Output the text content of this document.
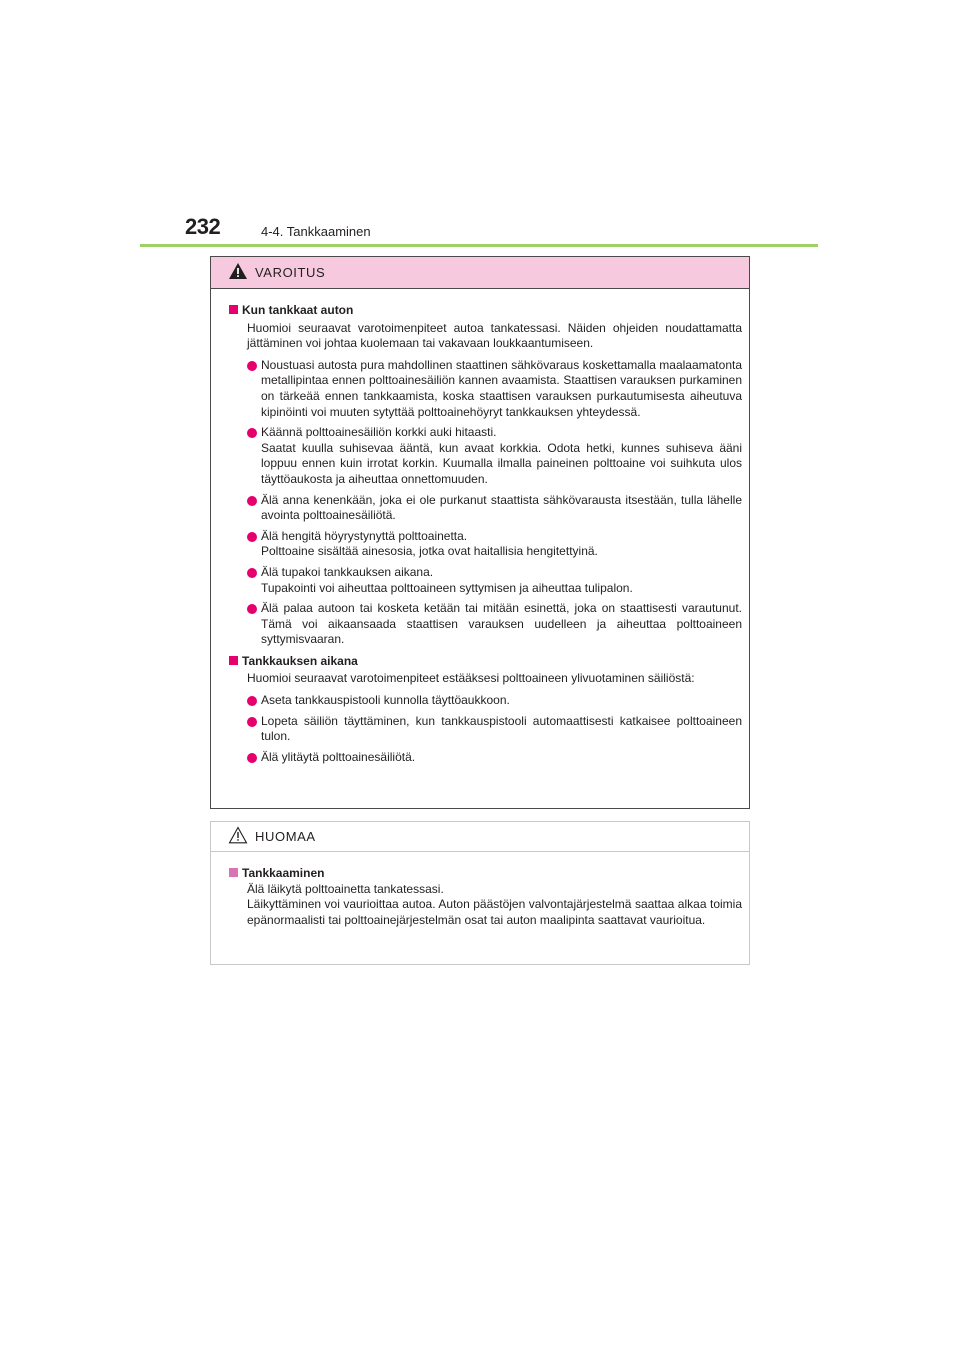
232	4-4. Tankkaaminen
VAROITUS
Kun tankkaat auton

Huomioi seuraavat varotoimenpiteet autoa tankatessasi. Näiden ohjeiden noudattamatta jättäminen voi johtaa kuolemaan tai vakavaan loukkaantumiseen.

Noustuasi autosta pura mahdollinen staattinen sähkövaraus koskettamalla maalaamatonta metallipintaa ennen polttoainesäiliön kannen avaamista. Staattisen varauksen purkaminen on tärkeää ennen tankkaamista, koska staattisen varauksen purkautumisesta aiheutuva kipinöinti voi muuten sytyttää polttoainehöyryt tankkauksen yhteydessä.
Käännä polttoainesäiliön korkki auki hitaasti.
Saatat kuulla suhisevaa ääntä, kun avaat korkkia. Odota hetki, kunnes suhiseva ääni loppuu ennen kuin irrotat korkin. Kuumalla ilmalla paineinen polttoaine voi suihkuta ulos täyttöaukosta ja aiheuttaa onnettomuuden.
Älä anna kenenkään, joka ei ole purkanut staattista sähkövarausta itsestään, tulla lähelle avointa polttoainesäiliötä.
Älä hengitä höyrystynyttä polttoainetta.
Polttoaine sisältää ainesosia, jotka ovat haitallisia hengitettyinä.
Älä tupakoi tankkauksen aikana.
Tupakointi voi aiheuttaa polttoaineen syttymisen ja aiheuttaa tulipalon.
Älä palaa autoon tai kosketa ketään tai mitään esinettä, joka on staattisesti varautunut. Tämä voi aikaansaada staattisen varauksen uudelleen ja aiheuttaa polttoaineen syttymisvaaran.
Tankkauksen aikana

Huomioi seuraavat varotoimenpiteet estääksesi polttoaineen ylivuotaminen säiliöstä:

Aseta tankkauspistooli kunnolla täyttöaukkoon.
Lopeta säiliön täyttäminen, kun tankkauspistooli automaattisesti katkaisee polttoaineen tulon.
Älä ylitäytä polttoainesäiliötä.
HUOMAA
Tankkaaminen

Älä läikytä polttoainetta tankatessasi.

Läikyttäminen voi vaurioittaa autoa. Auton päästöjen valvontajärjestelmä saattaa alkaa toimia epänormaalisti tai polttoainejärjestelmän osat tai auton maalipinta saattavat vaurioitua.
